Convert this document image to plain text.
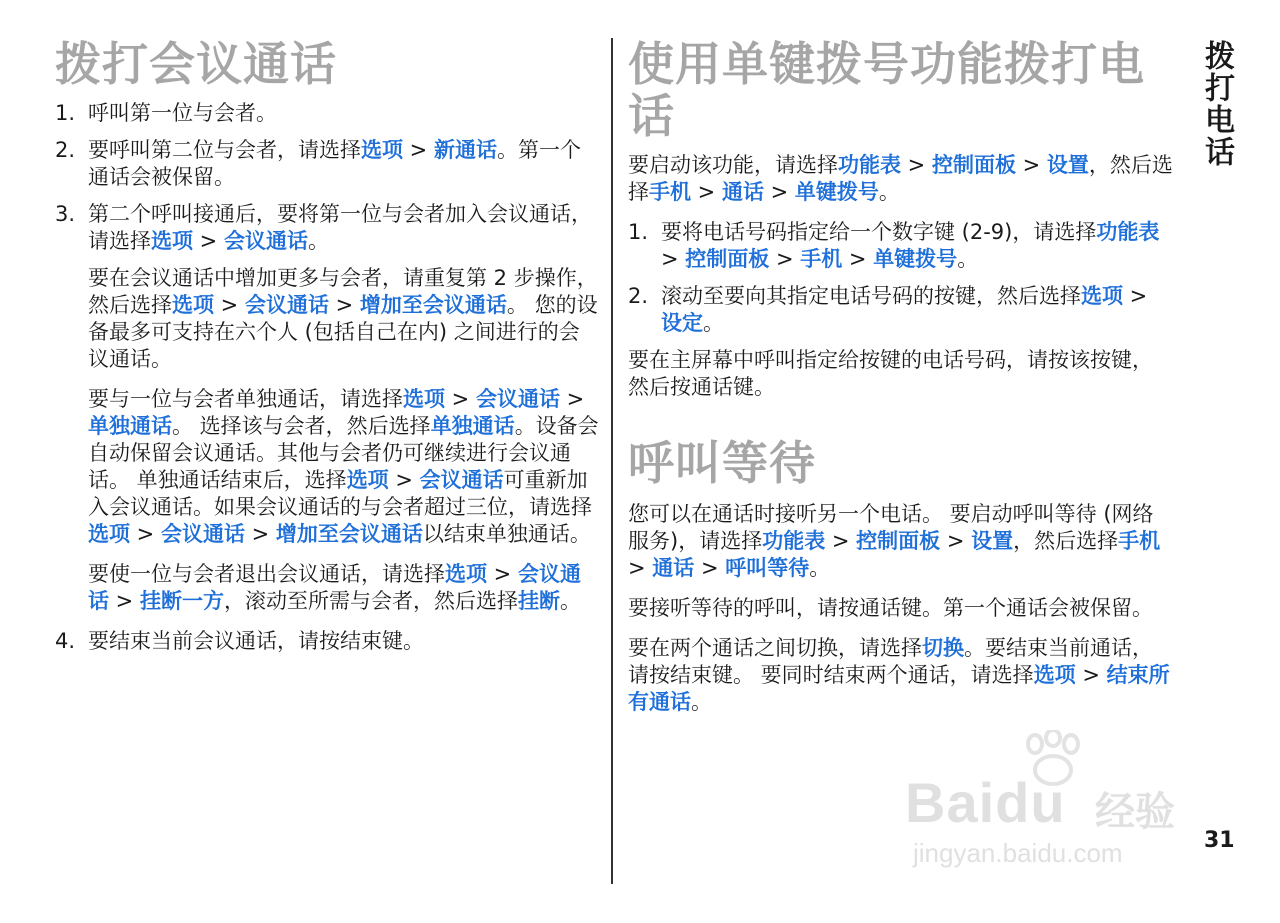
拨打会议通话
1. 呼叫第一位与会者。
2. 要呼叫第二位与会者，请选择选项 > 新通话。第一个通话会被保留。
3. 第二个呼叫接通后，要将第一位与会者加入会议通话，请选择选项 > 会议通话。

要在会议通话中增加更多与会者，请重复第 2 步操作，然后选择选项 > 会议通话 > 增加至会议通话。 您的设备最多可支持在六个人 (包括自己在内) 之间进行的会议通话。

要与一位与会者单独通话，请选择选项 > 会议通话 > 单独通话。 选择该与会者，然后选择单独通话。设备会自动保留会议通话。其他与会者仍可继续进行会议通话。 单独通话结束后，选择选项 > 会议通话可重新加入会议通话。如果会议通话的与会者超过三位，请选择选项 > 会议通话 > 增加至会议通话以结束单独通话。

要使一位与会者退出会议通话，请选择选项 > 会议通话 > 挂断一方，滚动至所需与会者，然后选择挂断。

4. 要结束当前会议通话，请按结束键。
使用单键拨号功能拨打电话

要启动该功能，请选择功能表 > 控制面板 > 设置，然后选择手机 > 通话 > 单键拨号。

1. 要将电话号码指定给一个数字键 (2-9)，请选择功能表 > 控制面板 > 手机 > 单键拨号。
2. 滚动至要向其指定电话号码的按键，然后选择选项 > 设定。

要在主屏幕中呼叫指定给按键的电话号码，请按该按键，然后按通话键。

呼叫等待

您可以在通话时接听另一个电话。 要启动呼叫等待 (网络服务)，请选择功能表 > 控制面板 > 设置，然后选择手机 > 通话 > 呼叫等待。

要接听等待的呼叫，请按通话键。第一个通话会被保留。

要在两个通话之间切换，请选择切换。要结束当前通话，请按结束键。 要同时结束两个通话，请选择选项 > 结束所有通话。

拨打电话
31
Baidu 经验
jingyan.baidu.com
